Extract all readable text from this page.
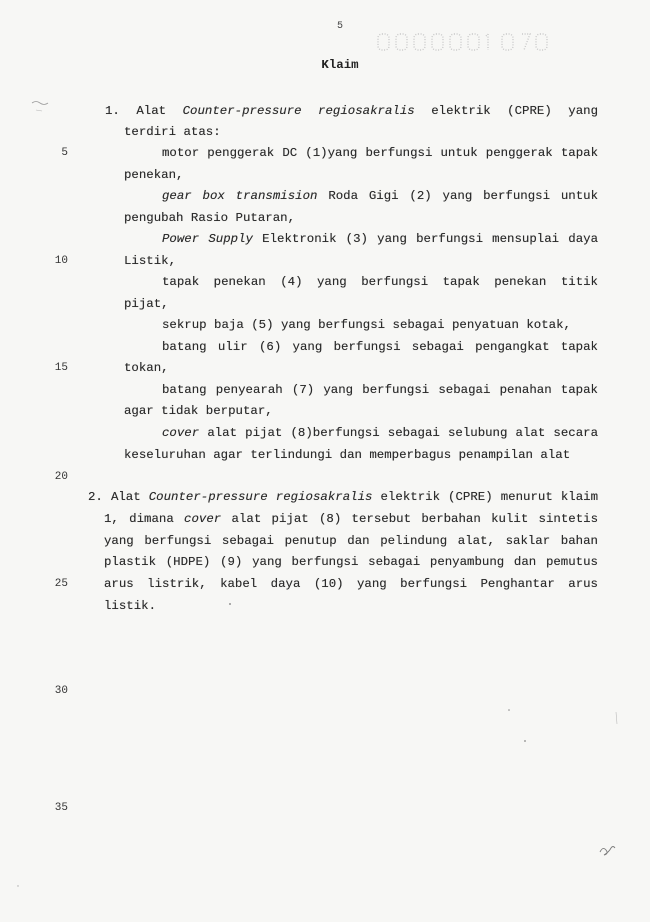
5
Klaim
5
10
15
20
25
30
35
1. Alat Counter-pressure regiosakralis elektrik (CPRE) yang
terdiri atas:
motor penggerak DC (1)yang berfungsi untuk penggerak tapak
penekan,
gear box transmision Roda Gigi (2) yang berfungsi untuk
pengubah Rasio Putaran,
Power Supply Elektronik (3) yang berfungsi mensuplai daya
Listik,
tapak penekan (4) yang berfungsi tapak penekan titik
pijat,
sekrup baja (5) yang berfungsi sebagai penyatuan kotak,
batang ulir (6) yang berfungsi sebagai pengangkat tapak
tokan,
batang penyearah (7) yang berfungsi sebagai penahan tapak
agar tidak berputar,
cover alat pijat (8)berfungsi sebagai selubung alat secara
keseluruhan agar terlindungi dan memperbagus penampilan alat
2. Alat Counter-pressure regiosakralis elektrik (CPRE) menurut klaim
1, dimana cover alat pijat (8) tersebut berbahan kulit sintetis
yang berfungsi sebagai penutup dan pelindung alat, saklar bahan
plastik (HDPE) (9) yang berfungsi sebagai penyambung dan pemutus
arus listrik, kabel daya (10) yang berfungsi Penghantar arus
listik.
